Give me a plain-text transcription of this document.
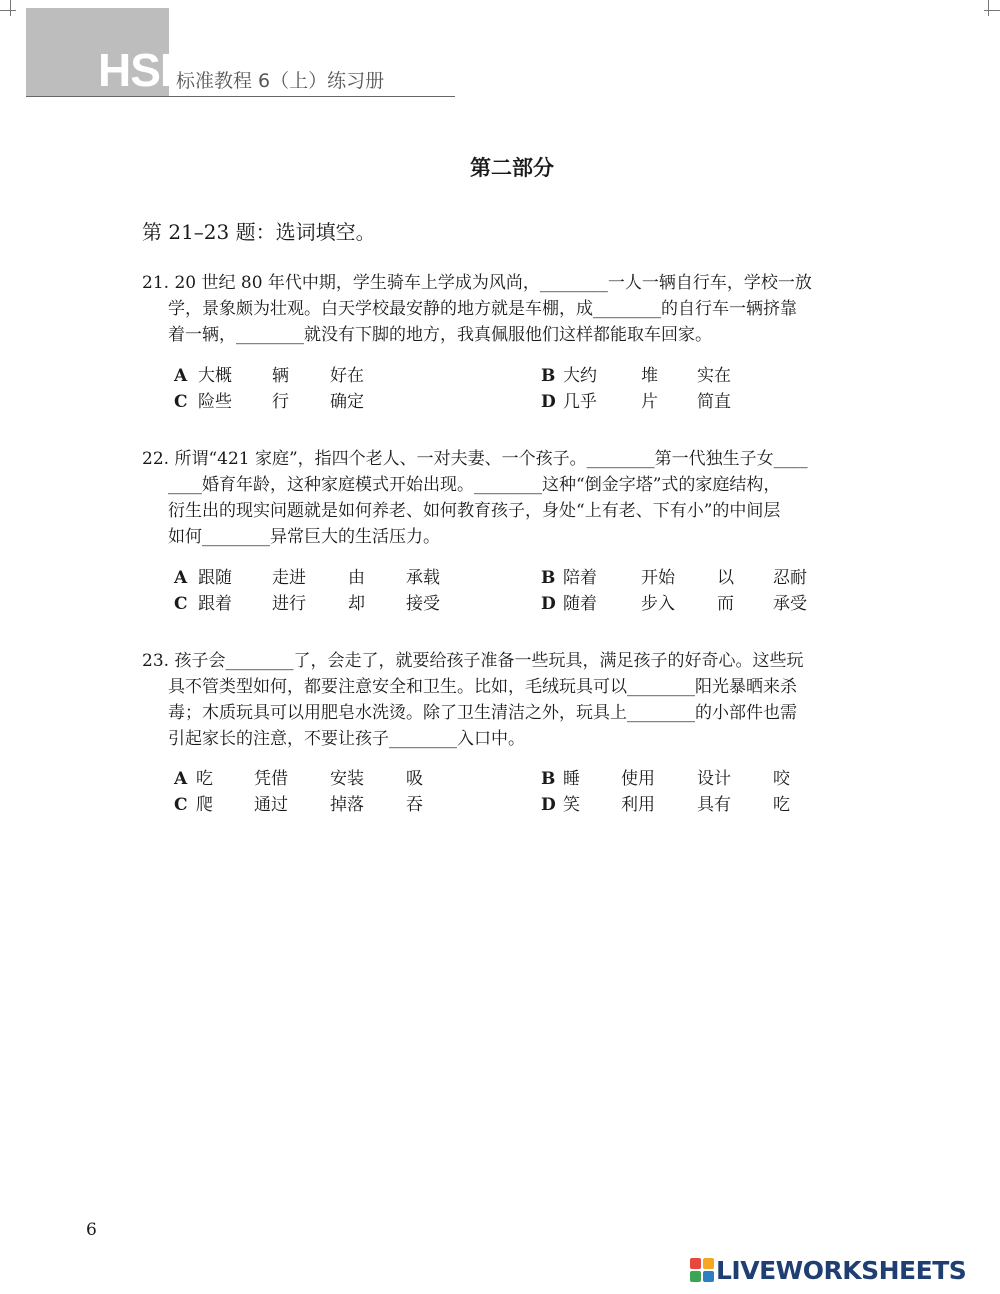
HSK
标准教程 6（上）练习册
第二部分
第 21–23 题：选词填空。
21. 20 世纪 80 年代中期，学生骑车上学成为风尚，________一人一辆自行车，学校一放
学，景象颇为壮观。白天学校最安静的地方就是车棚，成________的自行车一辆挤靠
着一辆，________就没有下脚的地方，我真佩服他们这样都能取车回家。
A 大概 辆 好在	B 大约	堆 实在
C 险些 行 确定	D 几乎	片 简直
22. 所谓“421 家庭”，指四个老人、一对夫妻、一个孩子。________第一代独生子女____
____婚育年龄，这种家庭模式开始出现。________这种“倒金字塔”式的家庭结构，
衍生出的现实问题就是如何养老、如何教育孩子，身处“上有老、下有小”的中间层
如何________异常巨大的生活压力。
A 跟随 走进 由 承载	B 陪着	开始 以 忍耐
C 跟着 进行 却 接受	D 随着	步入 而 承受
23. 孩子会________了，会走了，就要给孩子准备一些玩具，满足孩子的好奇心。这些玩
具不管类型如何，都要注意安全和卫生。比如，毛绒玩具可以________阳光暴晒来杀
毒；木质玩具可以用肥皂水洗烫。除了卫生清洁之外，玩具上________的小部件也需
引起家长的注意，不要让孩子________入口中。
A 吃 凭借 安装 吸	B 睡 使用 设计 咬
C 爬 通过 掉落 吞	D 笑 利用 具有 吃
6
LIVEWORKSHEETS
